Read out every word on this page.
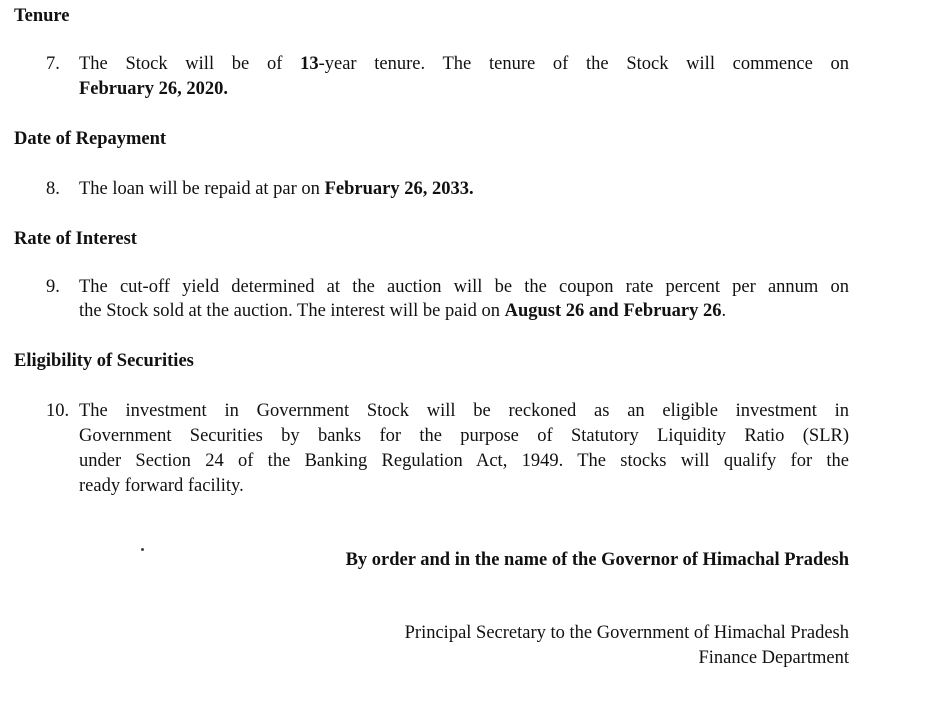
Tenure
7. The Stock will be of 13-year tenure. The tenure of the Stock will commence on
February 26, 2020.
Date of Repayment
8. The loan will be repaid at par on February 26, 2033.
Rate of Interest
9. The cut-off yield determined at the auction will be the coupon rate percent per annum on
the Stock sold at the auction. The interest will be paid on August 26 and February 26.
Eligibility of Securities
10. The investment in Government Stock will be reckoned as an eligible investment in
Government Securities by banks for the purpose of Statutory Liquidity Ratio (SLR)
under Section 24 of the Banking Regulation Act, 1949. The stocks will qualify for the
ready forward facility.
By order and in the name of the Governor of Himachal Pradesh
Principal Secretary to the Government of Himachal Pradesh
Finance Department
